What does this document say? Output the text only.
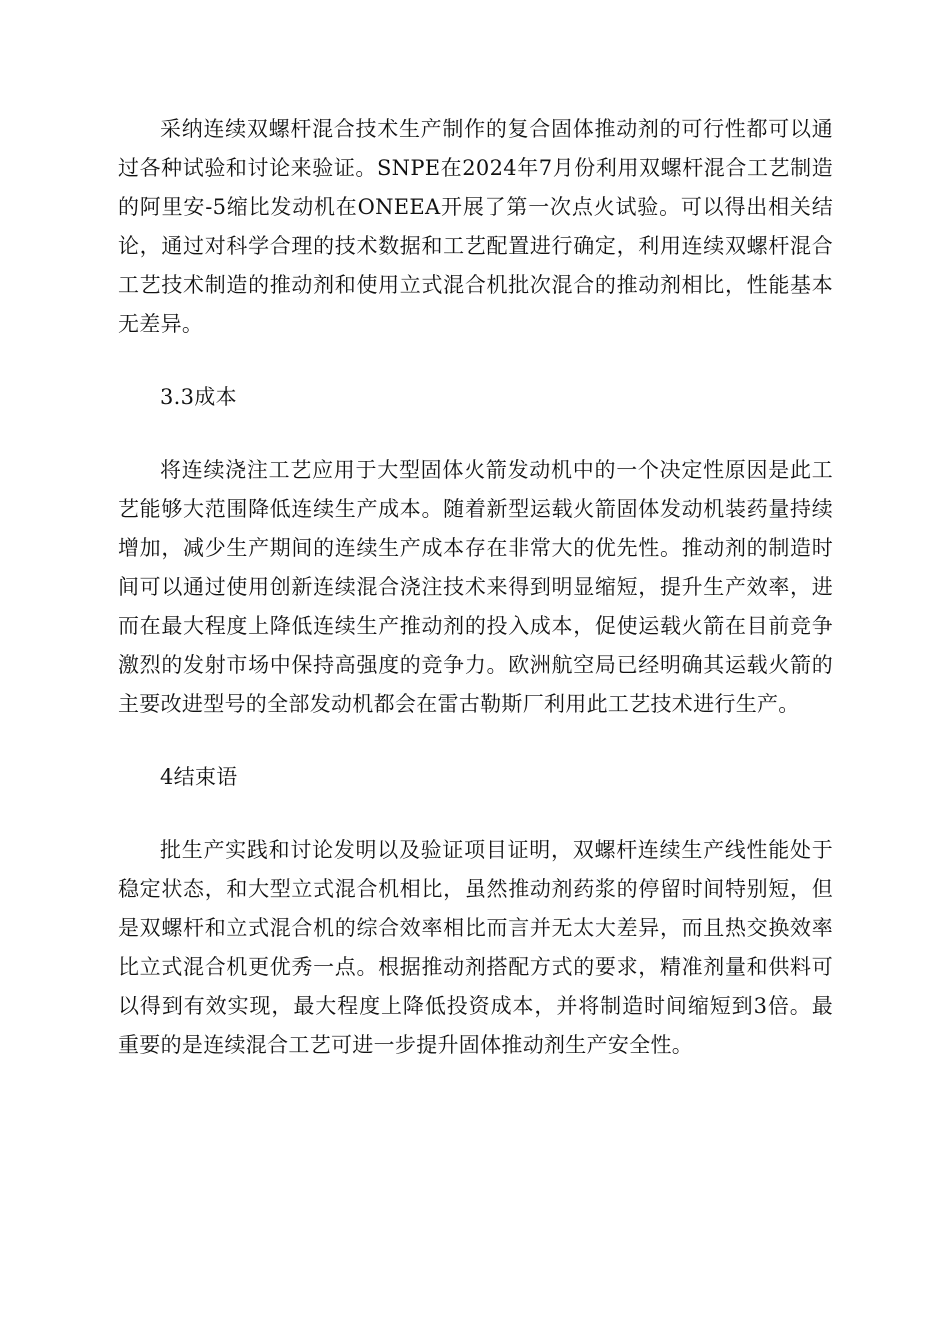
采纳连续双螺杆混合技术生产制作的复合固体推动剂的可行性都可以通过各种试验和讨论来验证。SNPE在2024年7月份利用双螺杆混合工艺制造的阿里安-5缩比发动机在ONEEA开展了第一次点火试验。可以得出相关结论，通过对科学合理的技术数据和工艺配置进行确定，利用连续双螺杆混合工艺技术制造的推动剂和使用立式混合机批次混合的推动剂相比，性能基本无差异。

3.3成本

将连续浇注工艺应用于大型固体火箭发动机中的一个决定性原因是此工艺能够大范围降低连续生产成本。随着新型运载火箭固体发动机装药量持续增加，减少生产期间的连续生产成本存在非常大的优先性。推动剂的制造时间可以通过使用创新连续混合浇注技术来得到明显缩短，提升生产效率，进而在最大程度上降低连续生产推动剂的投入成本，促使运载火箭在目前竞争激烈的发射市场中保持高强度的竞争力。欧洲航空局已经明确其运载火箭的主要改进型号的全部发动机都会在雷古勒斯厂利用此工艺技术进行生产。

4结束语

批生产实践和讨论发明以及验证项目证明，双螺杆连续生产线性能处于稳定状态，和大型立式混合机相比，虽然推动剂药浆的停留时间特别短，但是双螺杆和立式混合机的综合效率相比而言并无太大差异，而且热交换效率比立式混合机更优秀一点。根据推动剂搭配方式的要求，精准剂量和供料可以得到有效实现，最大程度上降低投资成本，并将制造时间缩短到3倍。最重要的是连续混合工艺可进一步提升固体推动剂生产安全性。
